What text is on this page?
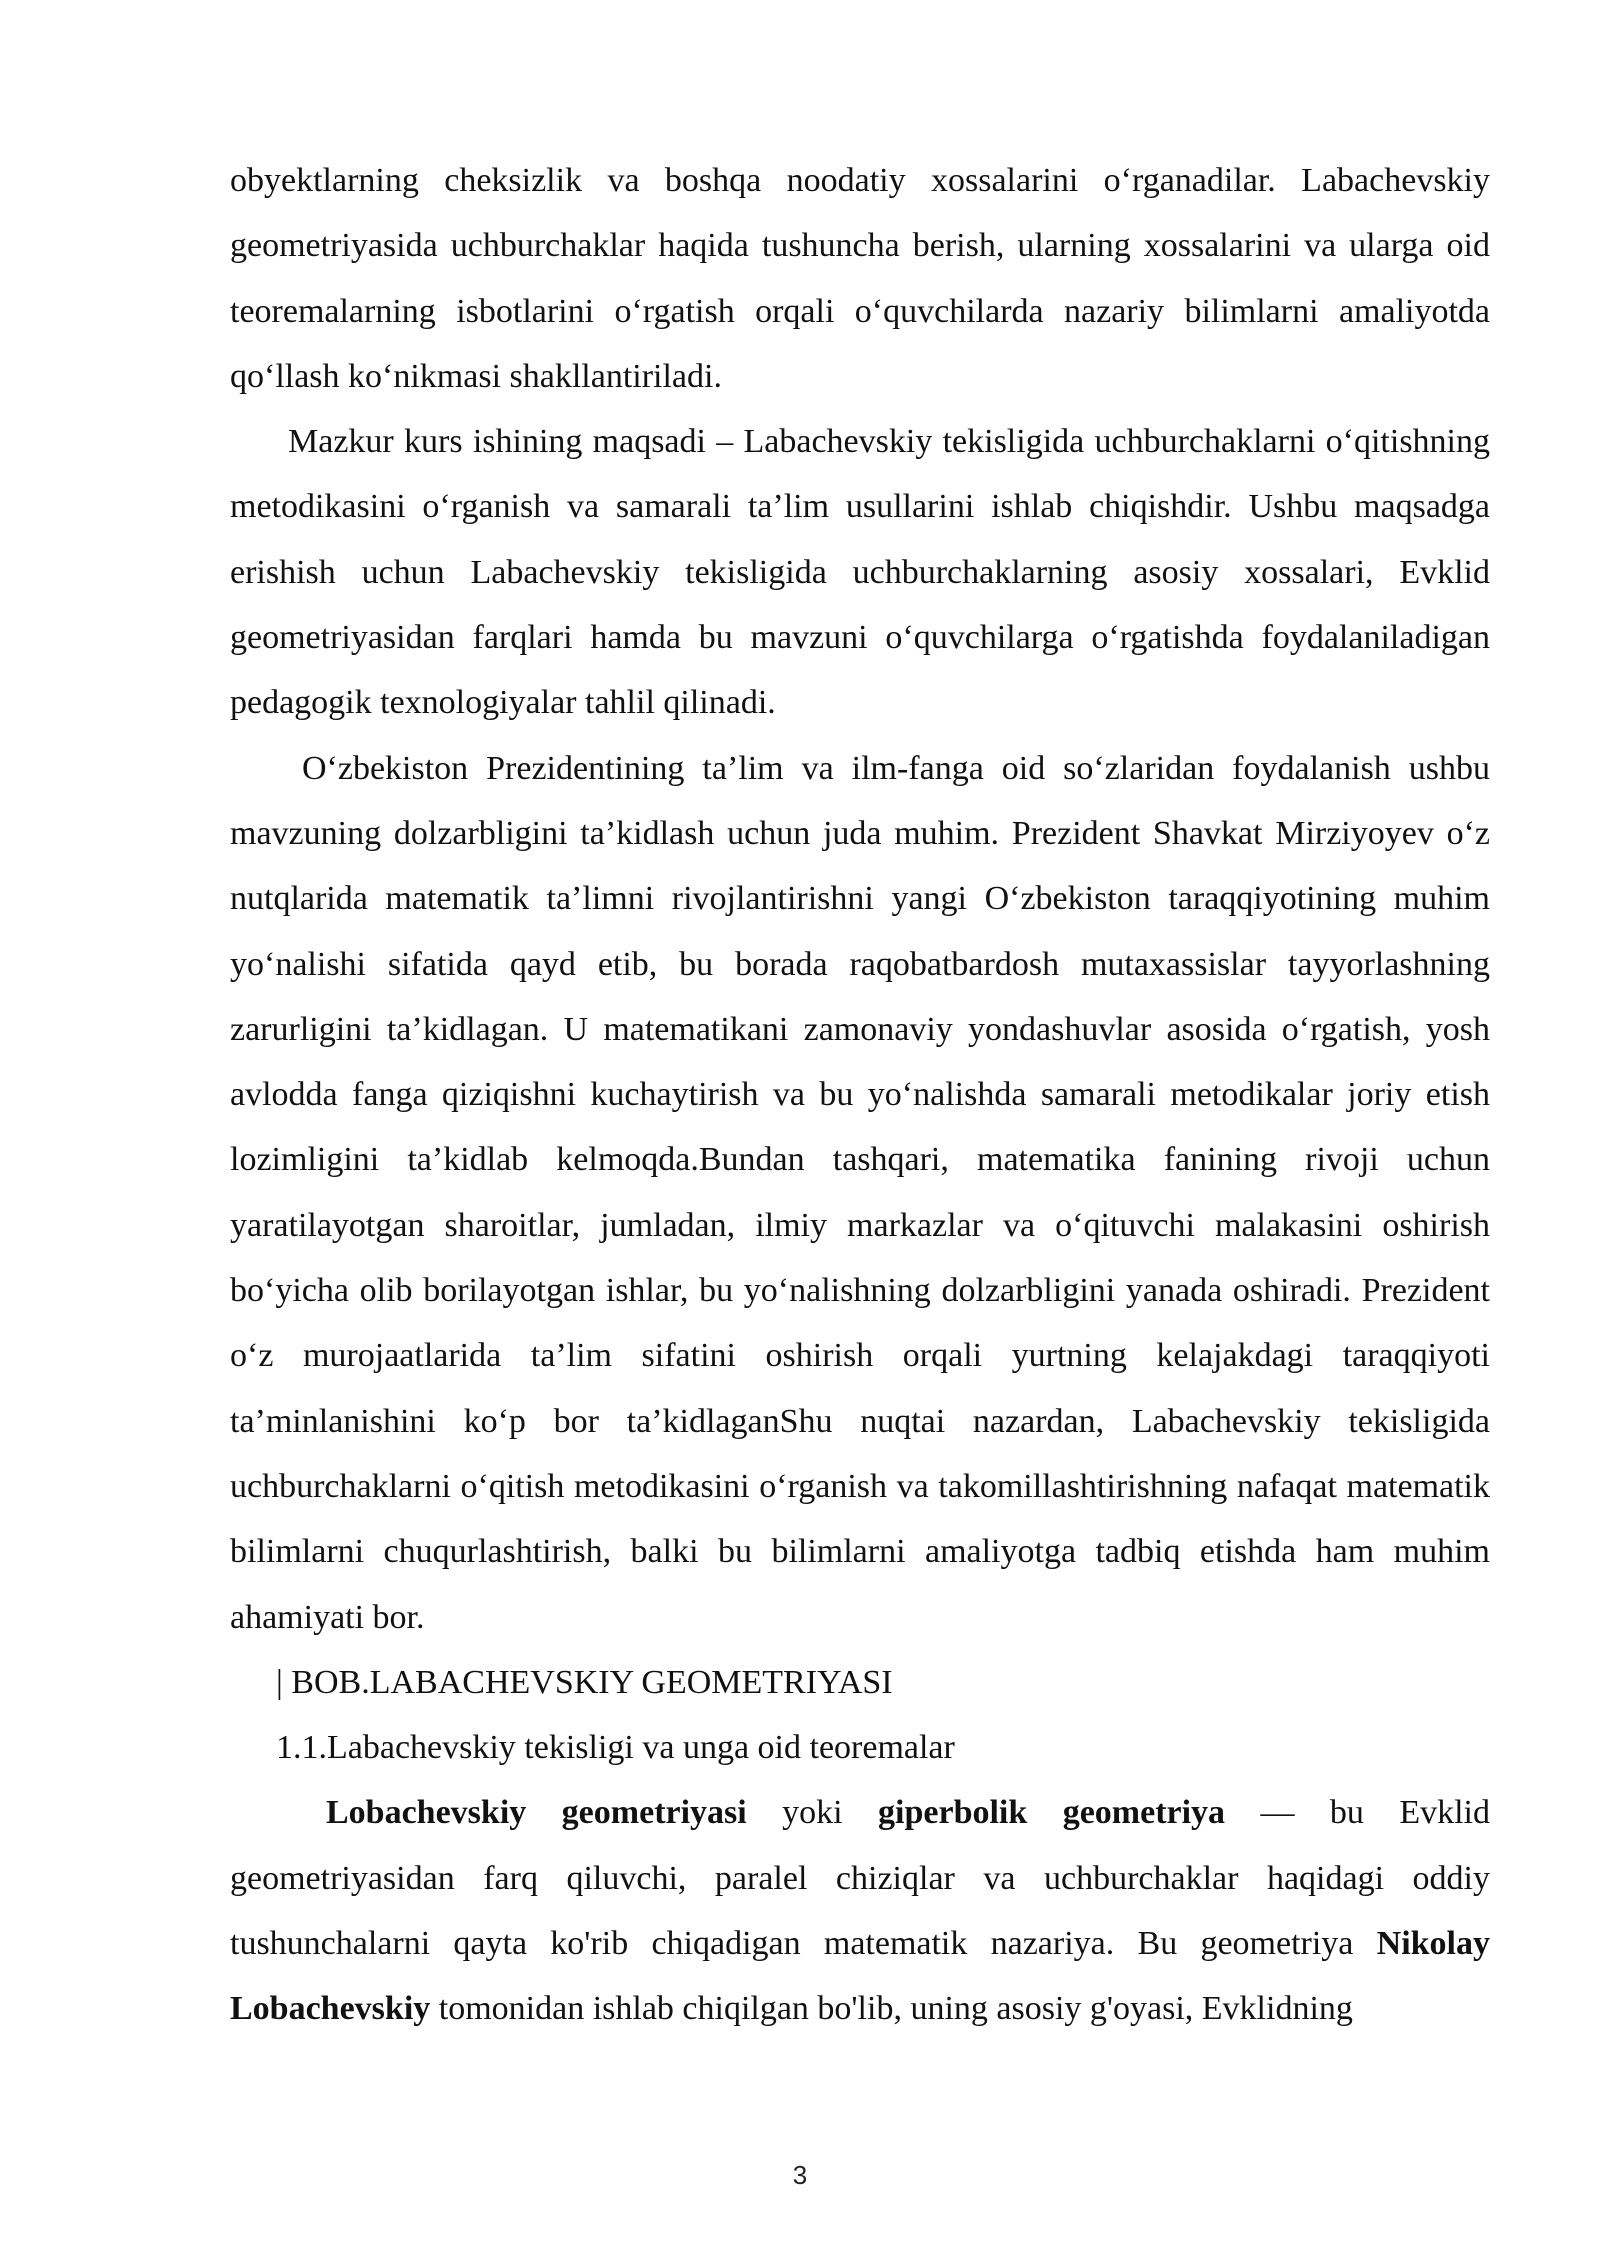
obyektlarning cheksizlik va boshqa noodatiy xossalarini o‘rganadilar. Labachevskiy geometriyasida uchburchaklar haqida tushuncha berish, ularning xossalarini va ularga oid teoremalarning isbotlarini o‘rgatish orqali o‘quvchilarda nazariy bilimlarni amaliyotda qo‘llash ko‘nikmasi shakllantiriladi.

Mazkur kurs ishining maqsadi – Labachevskiy tekisligida uchburchaklarni o‘qitishning metodikasini o‘rganish va samarali ta’lim usullarini ishlab chiqishdir. Ushbu maqsadga erishish uchun Labachevskiy tekisligida uchburchaklarning asosiy xossalari, Evklid geometriyasidan farqlari hamda bu mavzuni o‘quvchilarga o‘rgatishda foydalaniladigan pedagogik texnologiyalar tahlil qilinadi.

O‘zbekiston Prezidentining ta’lim va ilm-fanga oid so‘zlaridan foydalanish ushbu mavzuning dolzarbligini ta’kidlash uchun juda muhim. Prezident Shavkat Mirziyoyev o‘z nutqlarida matematik ta’limni rivojlantirishni yangi O‘zbekiston taraqqiyotining muhim yo‘nalishi sifatida qayd etib, bu borada raqobatbardosh mutaxassislar tayyorlashning zarurligini ta’kidlagan. U matematikani zamonaviy yondashuvlar asosida o‘rgatish, yosh avlodda fanga qiziqishni kuchaytirish va bu yo‘nalishda samarali metodikalar joriy etish lozimligini ta’kidlab kelmoqda.Bundan tashqari, matematika fanining rivoji uchun yaratilayotgan sharoitlar, jumladan, ilmiy markazlar va o‘qituvchi malakasini oshirish bo‘yicha olib borilayotgan ishlar, bu yo‘nalishning dolzarbligini yanada oshiradi. Prezident o‘z murojaatlarida ta’lim sifatini oshirish orqali yurtning kelajakdagi taraqqiyoti ta’minlanishini ko‘p bor ta’kidlaganShu nuqtai nazardan, Labachevskiy tekisligida uchburchaklarni o‘qitish metodikasini o‘rganish va takomillashtirishning nafaqat matematik bilimlarni chuqurlashtirish, balki bu bilimlarni amaliyotga tadbiq etishda ham muhim ahamiyati bor.

| BOB.LABACHEVSKIY GEOMETRIYASI

1.1.Labachevskiy tekisligi va unga oid teoremalar

Lobachevskiy geometriyasi yoki giperbolik geometriya — bu Evklid geometriyasidan farq qiluvchi, paralel chiziqlar va uchburchaklar haqidagi oddiy tushunchalarni qayta ko'rib chiqadigan matematik nazariya. Bu geometriya Nikolay Lobachevskiy tomonidan ishlab chiqilgan bo'lib, uning asosiy g'oyasi, Evklidning

3
